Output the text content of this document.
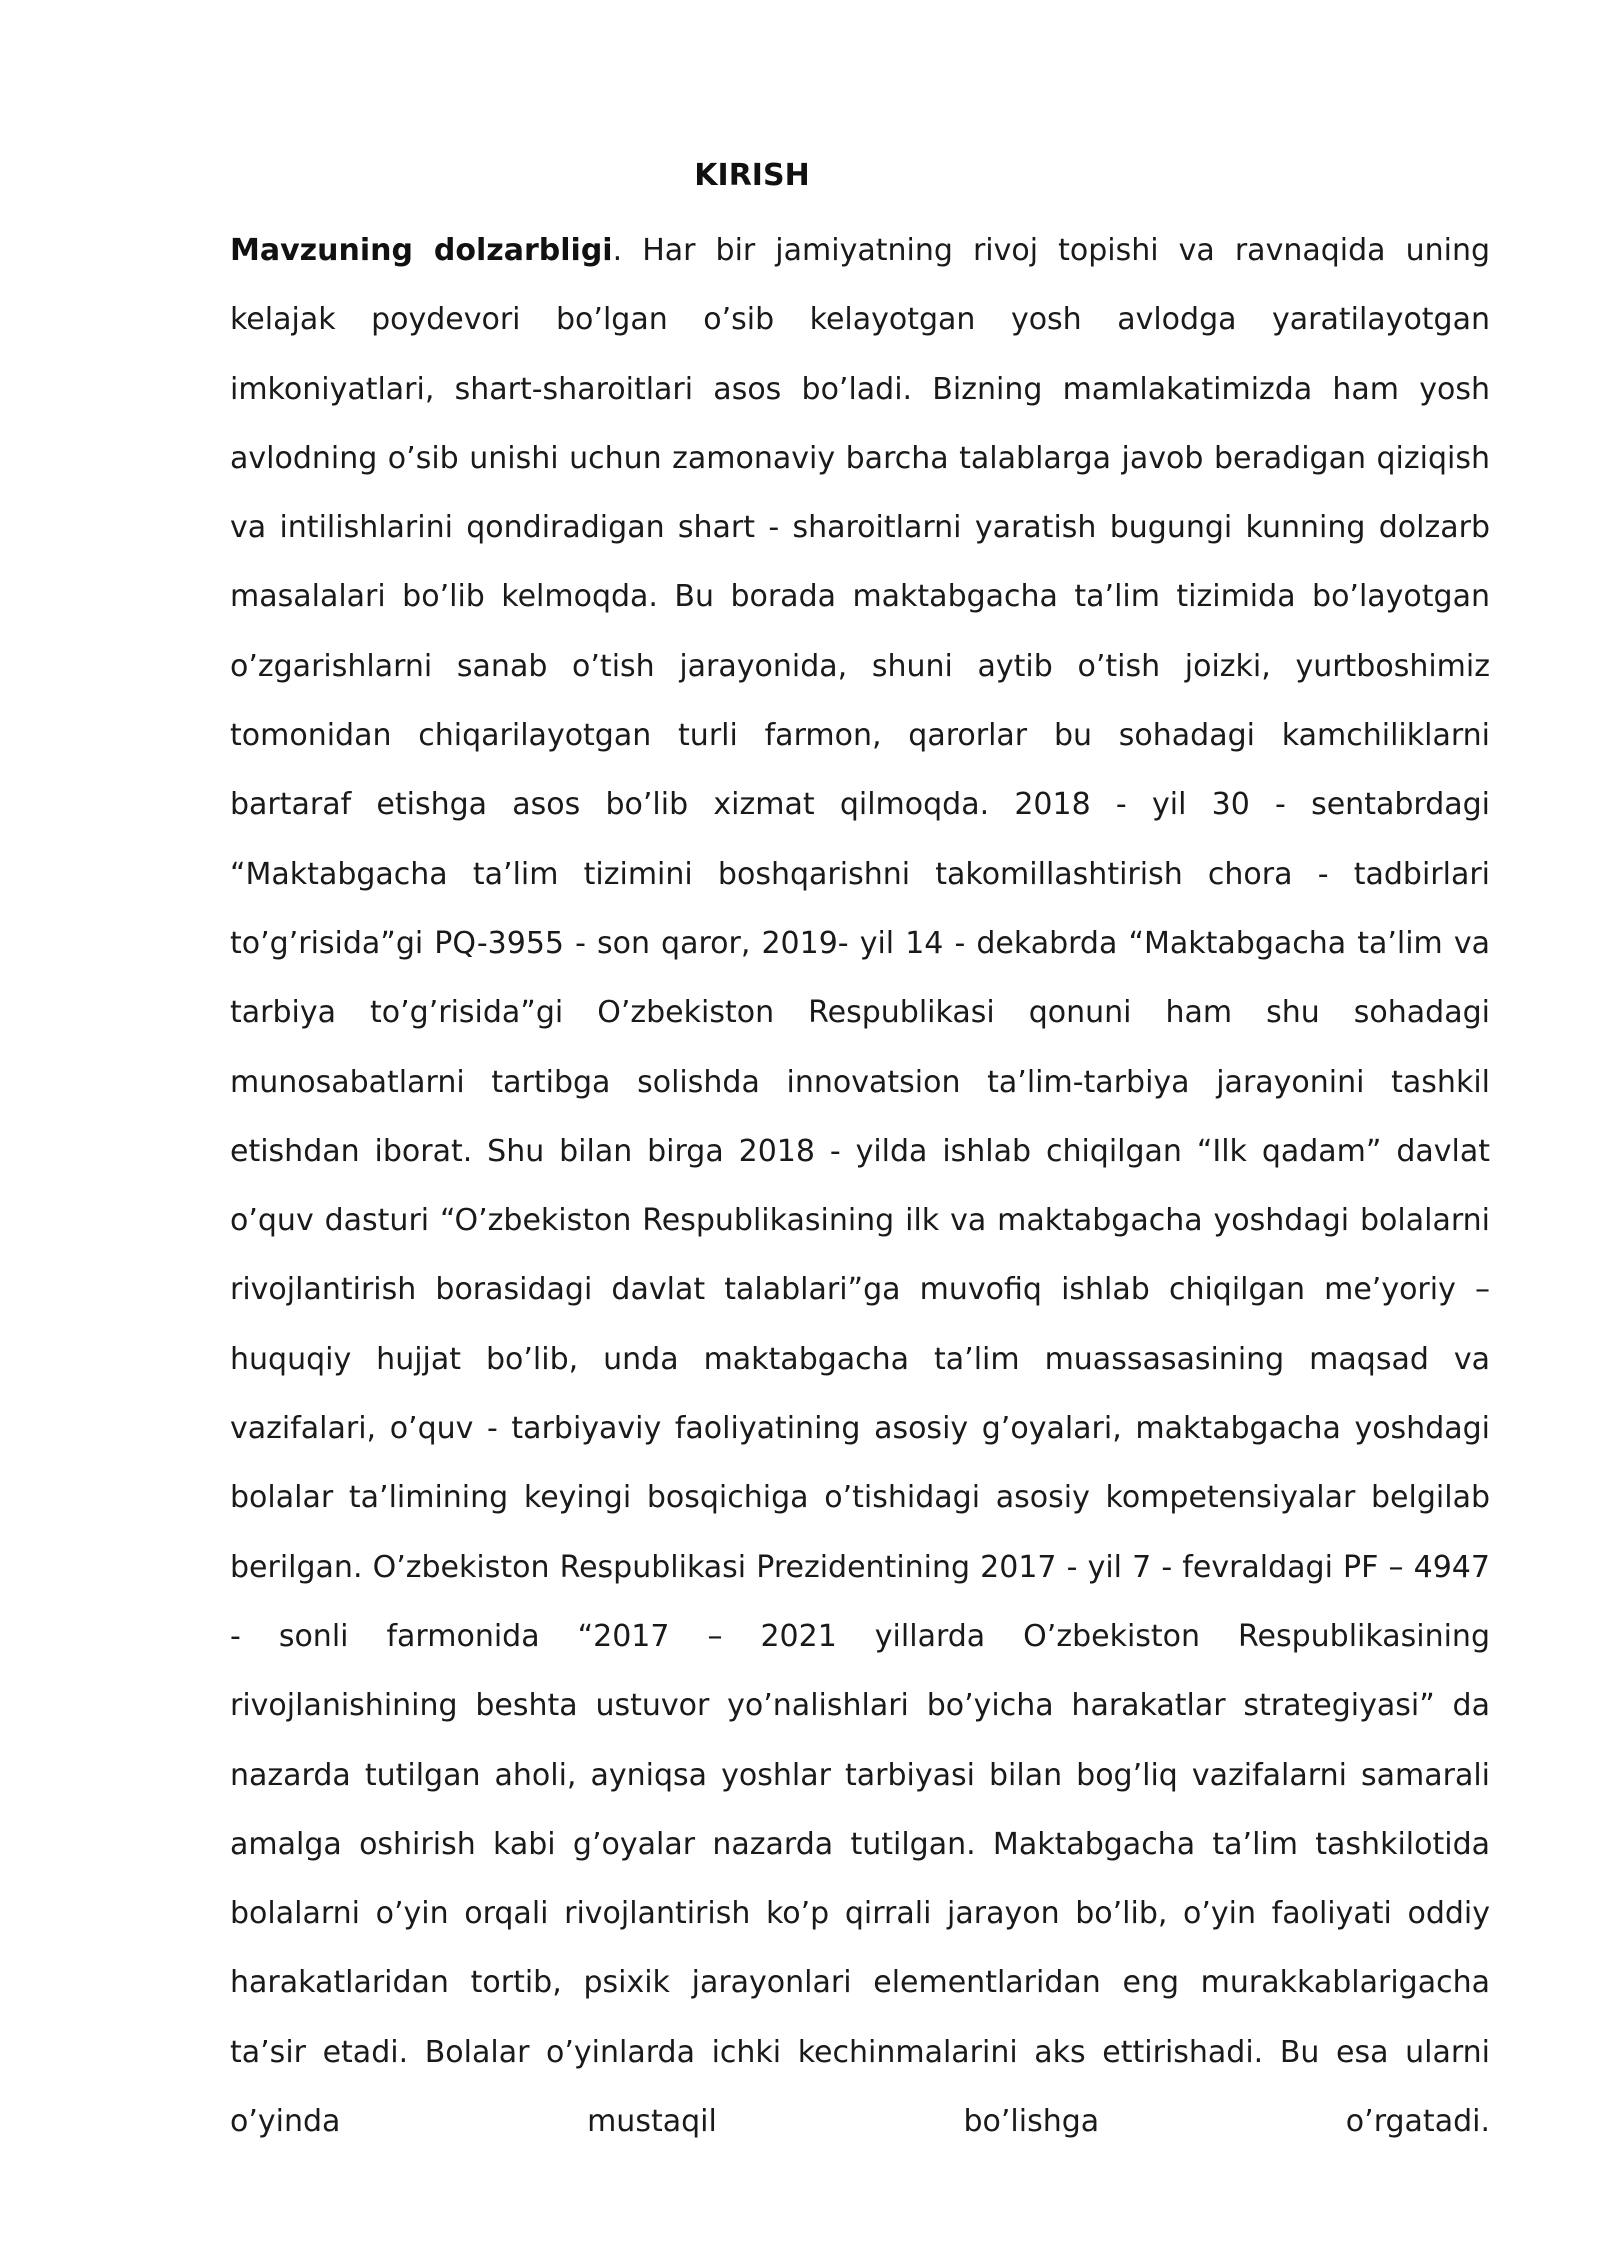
KIRISH

Mavzuning dolzarbligi. Har bir jamiyatning rivoj topishi va ravnaqida uning kelajak poydevori bo’lgan o’sib kelayotgan yosh avlodga yaratilayotgan imkoniyatlari, shart-sharoitlari asos bo’ladi. Bizning mamlakatimizda ham yosh avlodning o’sib unishi uchun zamonaviy barcha talablarga javob beradigan qiziqish va intilishlarini qondiradigan shart - sharoitlarni yaratish bugungi kunning dolzarb masalalari bo’lib kelmoqda. Bu borada maktabgacha ta’lim tizimida bo’layotgan o’zgarishlarni sanab o’tish jarayonida, shuni aytib o’tish joizki, yurtboshimiz tomonidan chiqarilayotgan turli farmon, qarorlar bu sohadagi kamchiliklarni bartaraf etishga asos bo’lib xizmat qilmoqda. 2018 - yil 30 - sentabrdagi “Maktabgacha ta’lim tizimini boshqarishni takomillashtirish chora - tadbirlari to’g’risida”gi PQ-3955 - son qaror, 2019- yil 14 - dekabrda “Maktabgacha ta’lim va tarbiya to’g’risida”gi O’zbekiston Respublikasi qonuni ham shu sohadagi munosabatlarni tartibga solishda innovatsion ta’lim-tarbiya jarayonini tashkil etishdan iborat. Shu bilan birga 2018 - yilda ishlab chiqilgan “Ilk qadam” davlat o’quv dasturi “O’zbekiston Respublikasining ilk va maktabgacha yoshdagi bolalarni rivojlantirish borasidagi davlat talablari”ga muvofiq ishlab chiqilgan me’yoriy – huquqiy hujjat bo’lib, unda maktabgacha ta’lim muassasasining maqsad va vazifalari, o’quv - tarbiyaviy faoliyatining asosiy g’oyalari, maktabgacha yoshdagi bolalar ta’limining keyingi bosqichiga o’tishidagi asosiy kompetensiyalar belgilab berilgan. O’zbekiston Respublikasi Prezidentining 2017 - yil 7 - fevraldagi PF – 4947 - sonli farmonida “2017 – 2021 yillarda O’zbekiston Respublikasining rivojlanishining beshta ustuvor yo’nalishlari bo’yicha harakatlar strategiyasi” da nazarda tutilgan aholi, ayniqsa yoshlar tarbiyasi bilan bog’liq vazifalarni samarali amalga oshirish kabi g’oyalar nazarda tutilgan. Maktabgacha ta’lim tashkilotida bolalarni o’yin orqali rivojlantirish ko’p qirrali jarayon bo’lib, o’yin faoliyati oddiy harakatlaridan tortib, psixik jarayonlari elementlaridan eng murakkablarigacha ta’sir etadi. Bolalar o’yinlarda ichki kechinmalarini aks ettirishadi. Bu esa ularni o’yinda mustaqil bo’lishga o’rgatadi.
